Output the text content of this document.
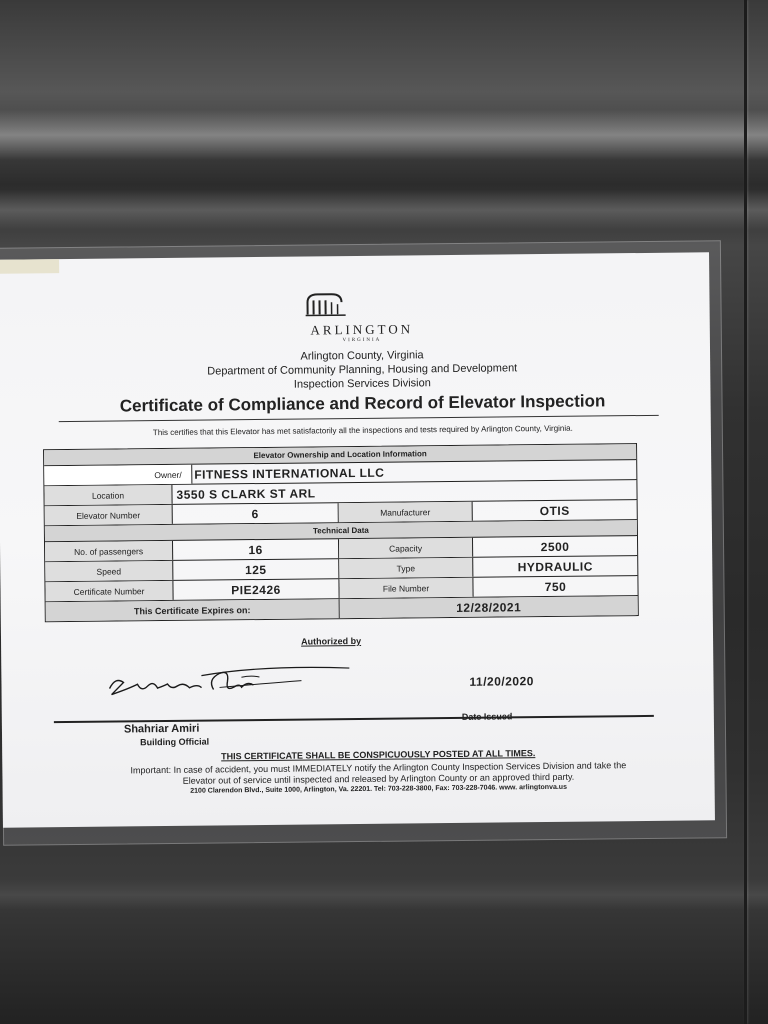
ARLINGTON
VIRGINIA
Arlington County, Virginia
Department of Community Planning, Housing and Development
Inspection Services Division
Certificate of Compliance and Record of Elevator Inspection
This certifies that this Elevator has met satisfactorily all the inspections and tests required by Arlington County, Virginia.
Elevator Ownership and Location Information
Owner/	FITNESS INTERNATIONAL LLC
Location	3550 S CLARK ST ARL
Elevator Number	6	Manufacturer	OTIS
Technical Data
No. of passengers	16	Capacity	2500
Speed	125	Type	HYDRAULIC
Certificate Number	PIE2426	File Number	750
This Certificate Expires on:	12/28/2021
Authorized by
11/20/2020
Date Issued
Shahriar Amiri
Building Official
THIS CERTIFICATE SHALL BE CONSPICUOUSLY POSTED AT ALL TIMES.
Important: In case of accident, you must IMMEDIATELY notify the Arlington County Inspection Services Division and take the
Elevator out of service until inspected and released by Arlington County or an approved third party.
2100 Clarendon Blvd., Suite 1000, Arlington, Va. 22201. Tel: 703-228-3800, Fax: 703-228-7046. www. arlingtonva.us
